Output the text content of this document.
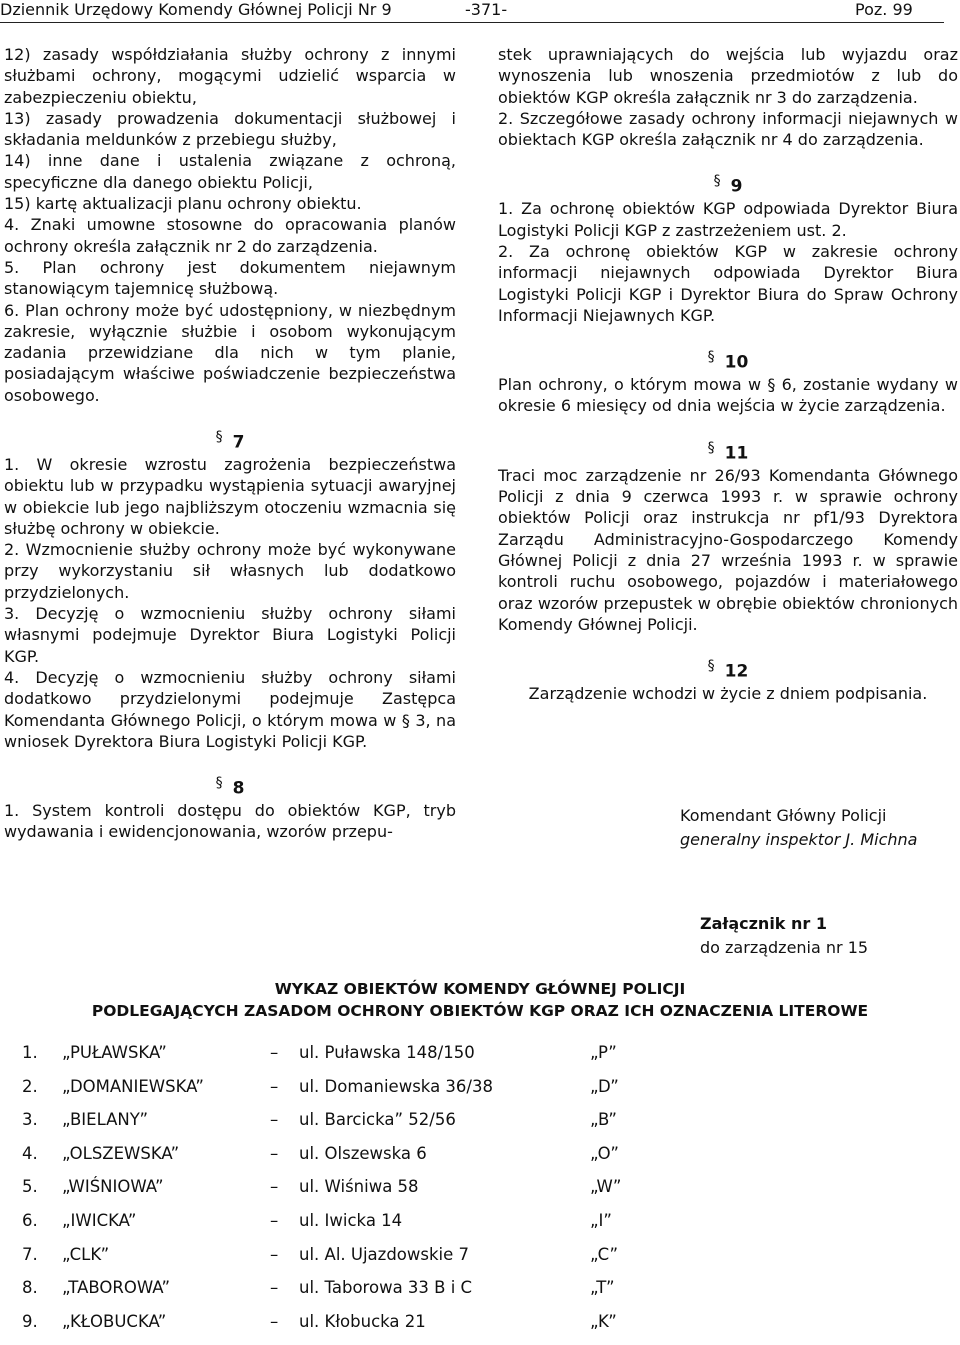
Dziennik Urzędowy Komendy Głównej Policji Nr 9	-371-	Poz. 99

12) zasady współdziałania służby ochrony z innymi służbami ochrony, mogącymi udzielić wsparcia w zabezpieczeniu obiektu,

13) zasady prowadzenia dokumentacji służbowej i składania meldunków z przebiegu służby,

14) inne dane i ustalenia związane z ochroną, specyficzne dla danego obiektu Policji,

15) kartę aktualizacji planu ochrony obiektu.

4. Znaki umowne stosowne do opracowania planów ochrony określa załącznik nr 2 do zarządzenia.

5. Plan ochrony jest dokumentem niejawnym stanowiącym tajemnicę służbową.

6. Plan ochrony może być udostępniony, w niezbędnym zakresie, wyłącznie służbie i osobom wykonującym zadania przewidziane dla nich w tym planie, posiadającym właściwe poświadczenie bezpieczeństwa osobowego.

§ 7

1. W okresie wzrostu zagrożenia bezpieczeństwa obiektu lub w przypadku wystąpienia sytuacji awaryjnej w obiekcie lub jego najbliższym otoczeniu wzmacnia się służbę ochrony w obiekcie.

2. Wzmocnienie służby ochrony może być wykonywane przy wykorzystaniu sił własnych lub dodatkowo przydzielonych.

3. Decyzję o wzmocnieniu służby ochrony siłami własnymi podejmuje Dyrektor Biura Logistyki Policji KGP.

4. Decyzję o wzmocnieniu służby ochrony siłami dodatkowo przydzielonymi podejmuje Zastępca Komendanta Głównego Policji, o którym mowa w § 3, na wniosek Dyrektora Biura Logistyki Policji KGP.

§ 8

1. System kontroli dostępu do obiektów KGP, tryb wydawania i ewidencjonowania, wzorów przepu-

stek uprawniających do wejścia lub wyjazdu oraz wynoszenia lub wnoszenia przedmiotów z lub do obiektów KGP określa załącznik nr 3 do zarządzenia.

2. Szczegółowe zasady ochrony informacji niejawnych w obiektach KGP określa załącznik nr 4 do zarządzenia.

§ 9

1. Za ochronę obiektów KGP odpowiada Dyrektor Biura Logistyki Policji KGP z zastrzeżeniem ust. 2.

2. Za ochronę obiektów KGP w zakresie ochrony informacji niejawnych odpowiada Dyrektor Biura Logistyki Policji KGP i Dyrektor Biura do Spraw Ochrony Informacji Niejawnych KGP.

§ 10

Plan ochrony, o którym mowa w § 6, zostanie wydany w okresie 6 miesięcy od dnia wejścia w życie zarządzenia.

§ 11

Traci moc zarządzenie nr 26/93 Komendanta Głównego Policji z dnia 9 czerwca 1993 r. w sprawie ochrony obiektów Policji oraz instrukcja nr pf1/93 Dyrektora Zarządu Administracyjno-Gospodarczego Komendy Głównej Policji z dnia 27 września 1993 r. w sprawie kontroli ruchu osobowego, pojazdów i materiałowego oraz wzorów przepustek w obrębie obiektów chronionych Komendy Głównej Policji.

§ 12

Zarządzenie wchodzi w życie z dniem podpisania.

Komendant Główny Policji
generalny inspektor J. Michna
Załącznik nr 1
do zarządzenia nr 15
WYKAZ OBIEKTÓW KOMENDY GŁÓWNEJ POLICJI
PODLEGAJĄCYCH ZASADOM OCHRONY OBIEKTÓW KGP ORAZ ICH OZNACZENIA LITEROWE
1. „PUŁAWSKA”	– ul. Puławska 148/150	„P”
2. „DOMANIEWSKA”	– ul. Domaniewska 36/38	„D”
3. „BIELANY”	– ul. Barcicka” 52/56	„B”
4. „OLSZEWSKA”	– ul. Olszewska 6	„O”
5. „WIŚNIOWA”	– ul. Wiśniwa 58	„W”
6. „IWICKA”	– ul. Iwicka 14	„I”
7. „CLK”	– ul. Al. Ujazdowskie 7	„C”
8. „TABOROWA”	– ul. Taborowa 33 B i C	„T”
9. „KŁOBUCKA”	– ul. Kłobucka 21	„K”
